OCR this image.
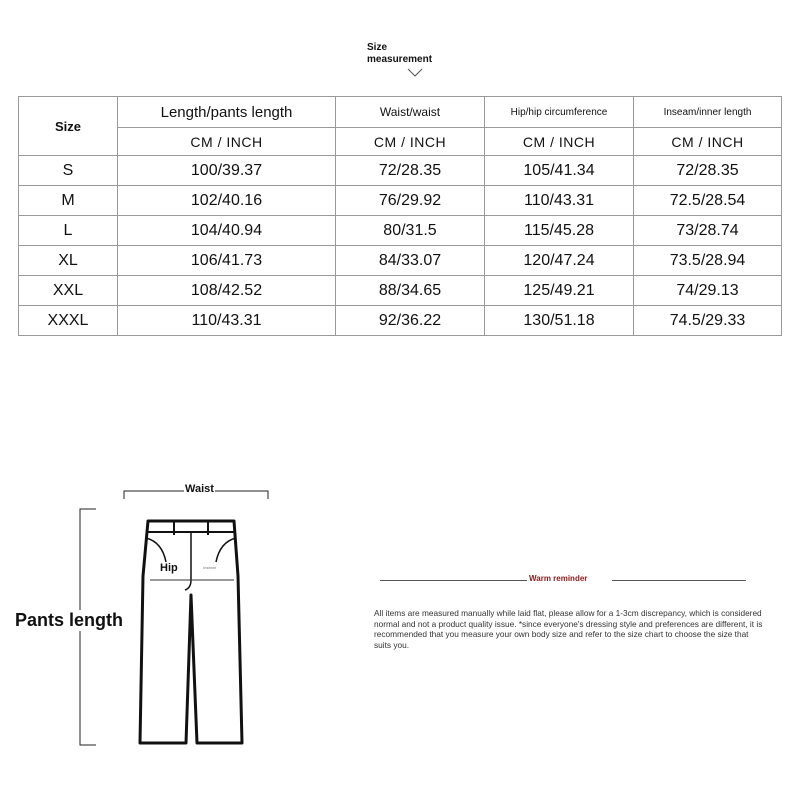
Size
measurement
Size	Length/pants length	Waist/waist	Hip/hip circumference	Inseam/inner length
	CM / INCH	CM / INCH	CM / INCH	CM / INCH
S	100/39.37	72/28.35	105/41.34	72/28.35
M	102/40.16	76/29.92	110/43.31	72.5/28.54
L	104/40.94	80/31.5	115/45.28	73/28.74
XL	106/41.73	84/33.07	120/47.24	73.5/28.94
XXL	108/42.52	88/34.65	125/49.21	74/29.13
XXXL	110/43.31	92/36.22	130/51.18	74.5/29.33
Waist
Hip	Inseam
Pants length
Warm reminder
All items are measured manually while laid flat, please allow for a 1-3cm discrepancy, which is considered normal and not a product quality issue. *since everyone's dressing style and preferences are different, it is recommended that you measure your own body size and refer to the size chart to choose the size that suits you.
